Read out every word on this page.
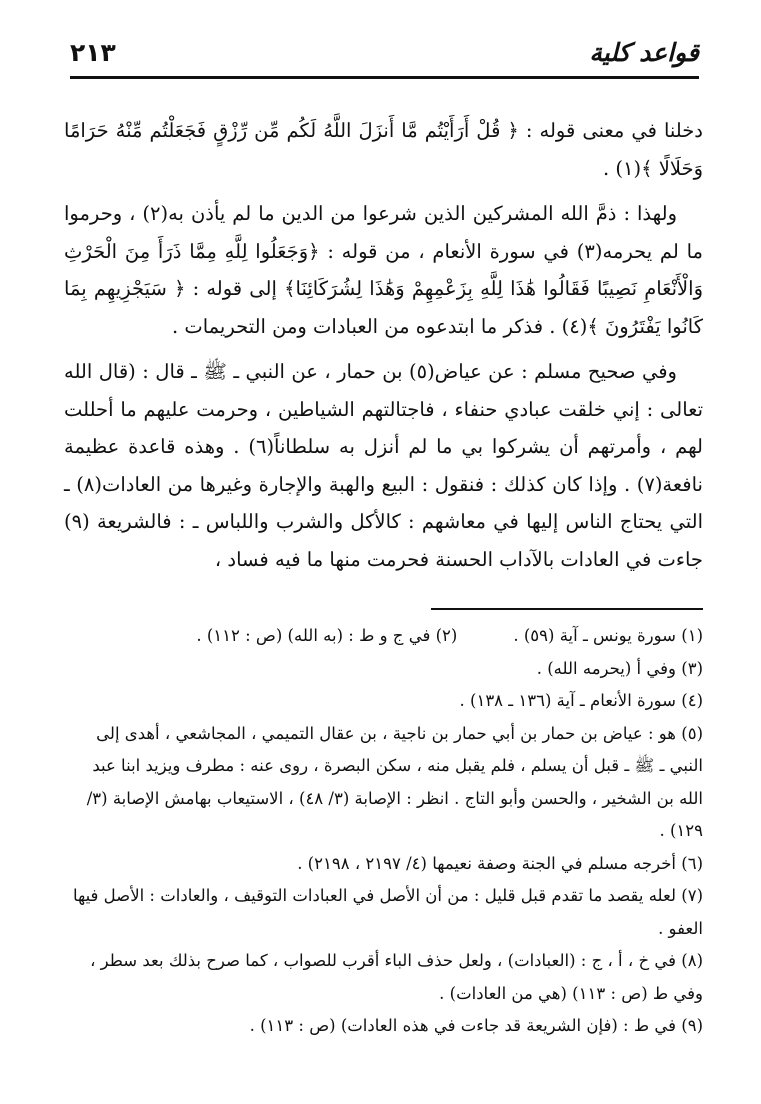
قواعد كلية
٢١٣

دخلنا في معنى قوله : ﴿ قُلْ أَرَأَيْتُم مَّا أَنزَلَ اللَّهُ لَكُم مِّن رِّزْقٍ فَجَعَلْتُم مِّنْهُ حَرَامًا وَحَلَالًا ﴾(١) .

ولهذا : ذمَّ الله المشركين الذين شرعوا من الدين ما لم يأذن به(٢) ، وحرموا ما لم يحرمه(٣) في سورة الأنعام ، من قوله : ﴿وَجَعَلُوا لِلَّهِ مِمَّا ذَرَأَ مِنَ الْحَرْثِ وَالْأَنْعَامِ نَصِيبًا فَقَالُوا هَٰذَا لِلَّهِ بِزَعْمِهِمْ وَهَٰذَا لِشُرَكَائِنَا﴾ إلى قوله : ﴿ سَيَجْزِيهِم بِمَا كَانُوا يَفْتَرُونَ ﴾(٤) . فذكر ما ابتدعوه من العبادات ومن التحريمات .

وفي صحيح مسلم : عن عياض(٥) بن حمار ، عن النبي ـ ﷺ ـ قال : (قال الله تعالى : إني خلقت عبادي حنفاء ، فاجتالتهم الشياطين ، وحرمت عليهم ما أحللت لهم ، وأمرتهم أن يشركوا بي ما لم أنزل به سلطاناً(٦) . وهذه قاعدة عظيمة نافعة(٧) . وإذا كان كذلك : فنقول : البيع والهبة والإجارة وغيرها من العادات(٨) ـ التي يحتاج الناس إليها في معاشهم : كالأكل والشرب واللباس ـ : فالشريعة (٩) جاءت في العادات بالآداب الحسنة فحرمت منها ما فيه فساد ،

(١) سورة يونس ـ آية (٥٩) .
(٢) في ج و ط : (به الله) (ص : ١١٢) .
(٣) وفي أ (يحرمه الله) .
(٤) سورة الأنعام ـ آية (١٣٦ ـ ١٣٨) .
(٥) هو : عياض بن حمار بن أبي حمار بن ناجية ، بن عقال التميمي ، المجاشعي ، أهدى إلى النبي ـ ﷺ ـ قبل أن يسلم ، فلم يقبل منه ، سكن البصرة ، روى عنه : مطرف ويزيد ابنا عبد الله بن الشخير ، والحسن وأبو التاج . انظر : الإصابة (٣/ ٤٨) ، الاستيعاب بهامش الإصابة (٣/ ١٢٩) .
(٦) أخرجه مسلم في الجنة وصفة نعيمها (٤/ ٢١٩٧ ، ٢١٩٨) .
(٧) لعله يقصد ما تقدم قبل قليل : من أن الأصل في العبادات التوقيف ، والعادات : الأصل فيها العفو .
(٨) في خ ، أ ، ج : (العبادات) ، ولعل حذف الباء أقرب للصواب ، كما صرح بذلك بعد سطر ، وفي ط (ص : ١١٣) (هي من العادات) .
(٩) في ط : (فإن الشريعة قد جاءت في هذه العادات) (ص : ١١٣) .
